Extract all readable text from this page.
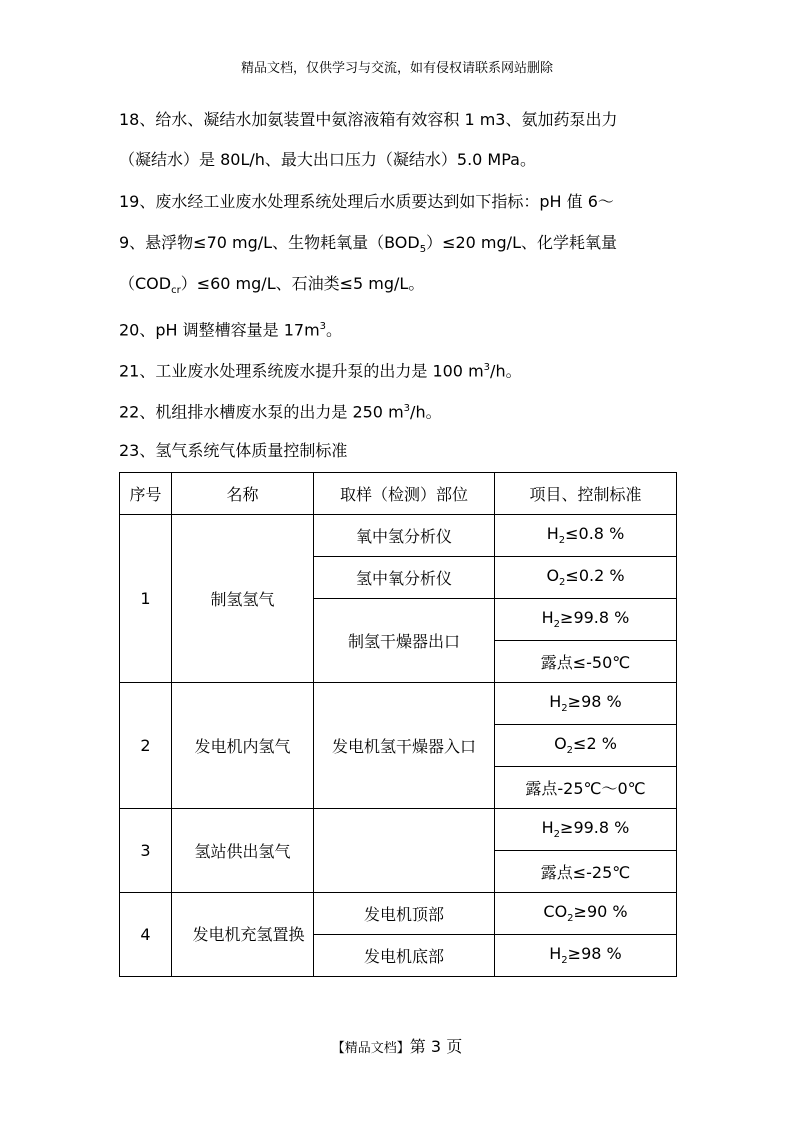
精品文档，仅供学习与交流，如有侵权请联系网站删除
18、给水、凝结水加氨装置中氨溶液箱有效容积 1 m3、氨加药泵出力
（凝结水）是 80L/h、最大出口压力（凝结水）5.0 MPa。
19、废水经工业废水处理系统处理后水质要达到如下指标：pH 值 6～
9、悬浮物≤70 mg/L、生物耗氧量$(BOD_5)\le 20$ mg/L、化学耗氧量
$(COD_{cr})\le 60$ mg/L、石油类≤5 mg/L。
20、pH 调整槽容量是 $17m^3$。
21、工业废水处理系统废水提升泵的出力是 100 $m^3/h$。
22、机组排水槽废水泵的出力是 250 $m^3/h$。
23、氢气系统气体质量控制标准
序号	名称	取样（检测）部位	项目、控制标准
1	制氢氢气	氧中氢分析仪	$H_2\le 0.8$ %
		氢中氧分析仪	$O_2\le 0.2$ %
		制氢干燥器出口	$H_2\ge 99.8$ %
			露点≤-50℃
2	发电机内氢气	发电机氢干燥器入口	$H_2\ge 98$ %
			$O_2\le 2$ %
			露点-25℃～0℃
3	氢站供出氢气		$H_2\ge 99.8$ %
			露点≤-25℃
4	发电机充氢置换	发电机顶部	$CO_2\ge 90$ %
		发电机底部	$H_2\ge 98$ %
【精品文档】第 3 页
